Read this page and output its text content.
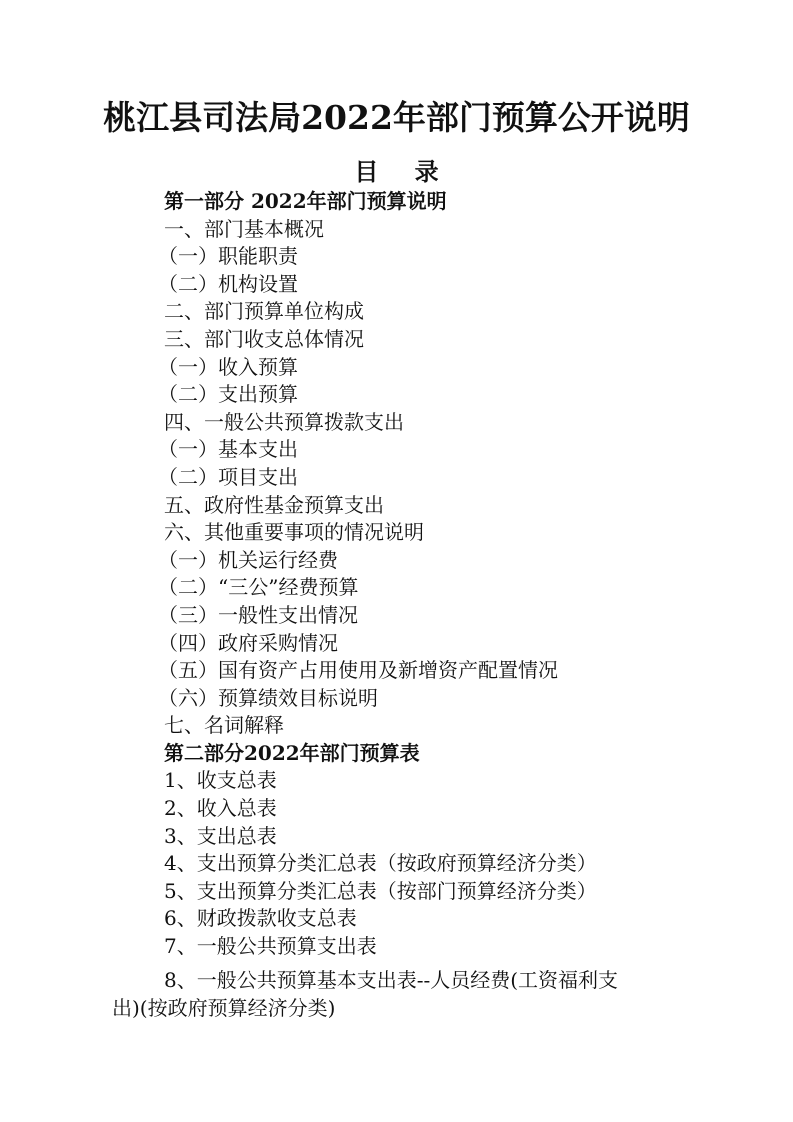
桃江县司法局2022年部门预算公开说明
目 录
第一部分 2022年部门预算说明
一、部门基本概况
（一）职能职责
（二）机构设置
二、部门预算单位构成
三、部门收支总体情况
（一）收入预算
（二）支出预算
四、一般公共预算拨款支出
（一）基本支出
（二）项目支出
五、政府性基金预算支出
六、其他重要事项的情况说明
（一）机关运行经费
（二）“三公”经费预算
（三）一般性支出情况
（四）政府采购情况
（五）国有资产占用使用及新增资产配置情况
（六）预算绩效目标说明
七、名词解释
第二部分2022年部门预算表
1、收支总表
2、收入总表
3、支出总表
4、支出预算分类汇总表（按政府预算经济分类）
5、支出预算分类汇总表（按部门预算经济分类）
6、财政拨款收支总表
7、一般公共预算支出表
8、一般公共预算基本支出表--人员经费(工资福利支
出)(按政府预算经济分类)
